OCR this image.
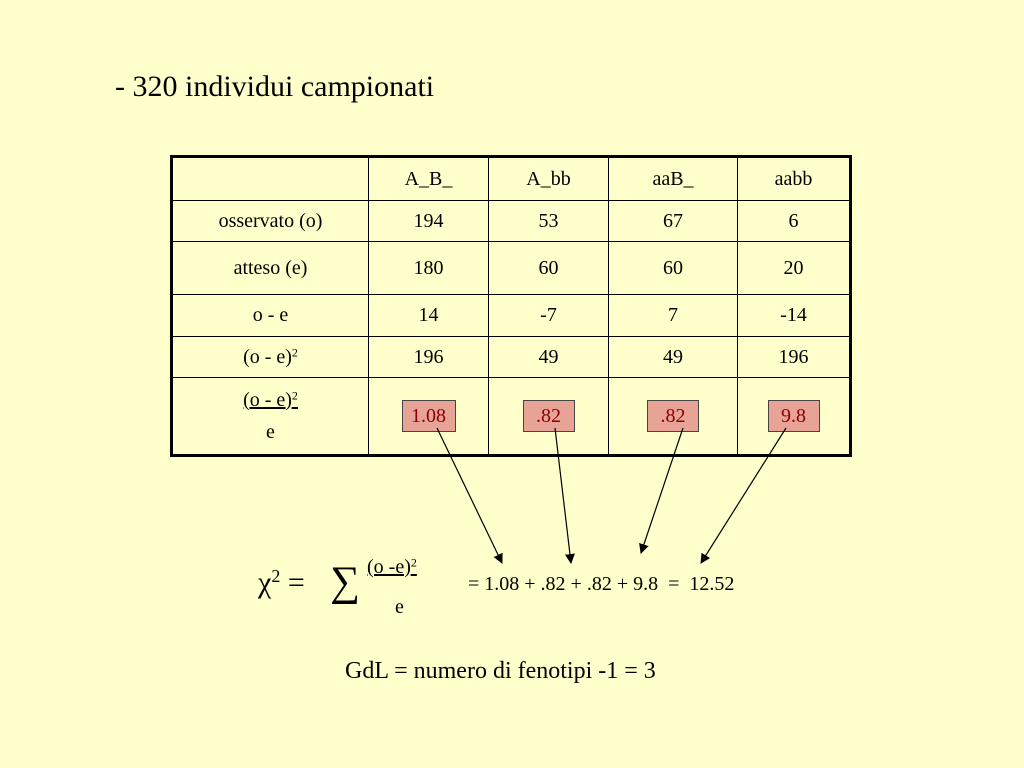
- 320 individui campionati
	A_B_	A_bb	aaB_	aabb
osservato (o)	194	53	67	6
atteso (e)	180	60	60	20
o - e	14	-7	7	-14
(o - e)$^2$	196	49	49	196

$\frac{(o - e)^2}{e}$	1.08	.82	.82	9.8
$\chi^2$ = ∑ (o -e)$^2$
e
= 1.08 + .82 + .82 + 9.8  =  12.52
GdL = numero di fenotipi -1 = 3
